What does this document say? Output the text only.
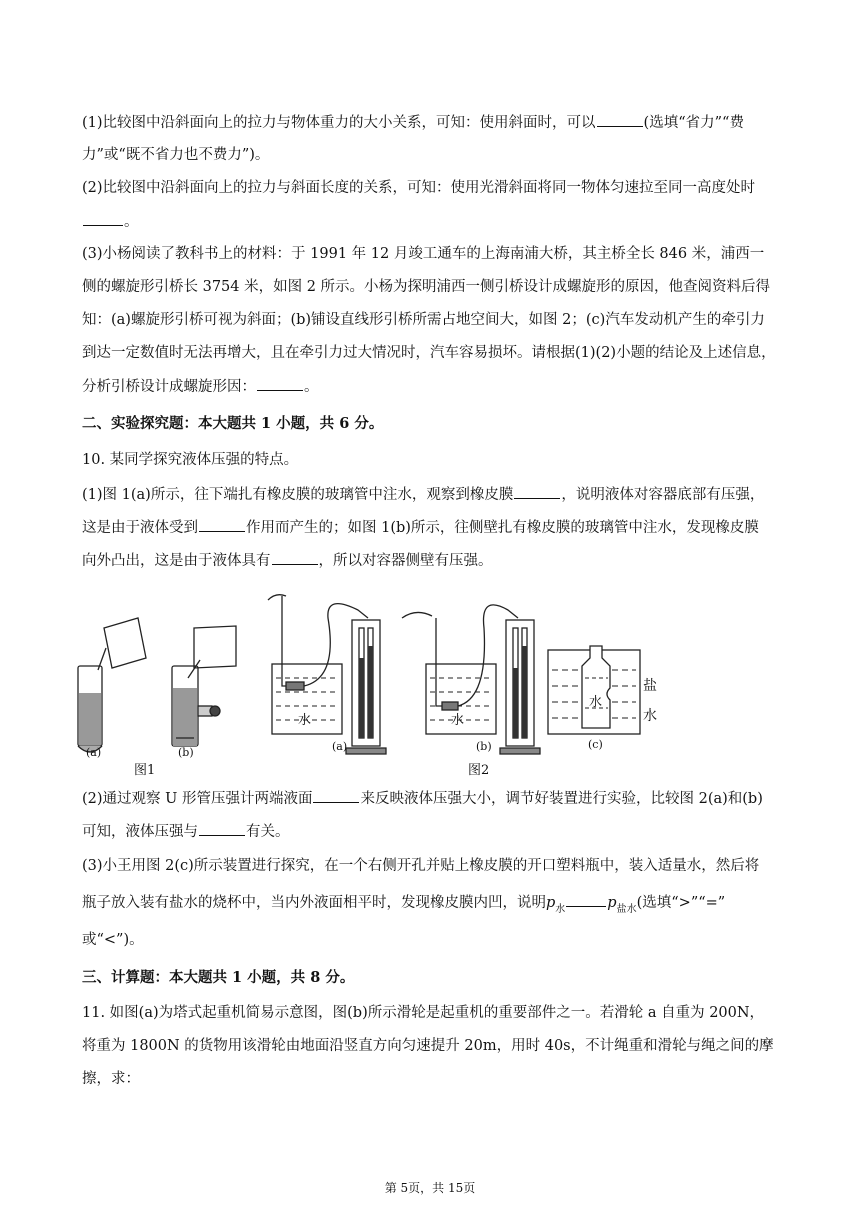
(1)比较图中沿斜面向上的拉力与物体重力的大小关系，可知：使用斜面时，可以	(选填“省力”“费
力”或“既不省力也不费力”)。
(2)比较图中沿斜面向上的拉力与斜面长度的关系，可知：使用光滑斜面将同一物体匀速拉至同一高度处时
。
(3)小杨阅读了教科书上的材料：于 1991 年 12 月竣工通车的上海南浦大桥，其主桥全长 846 米，浦西一
侧的螺旋形引桥长 3754 米，如图 2 所示。小杨为探明浦西一侧引桥设计成螺旋形的原因，他查阅资料后得
知：(a)螺旋形引桥可视为斜面；(b)铺设直线形引桥所需占地空间大，如图 2；(c)汽车发动机产生的牵引力
到达一定数值时无法再增大，且在牵引力过大情况时，汽车容易损坏。请根据(1)(2)小题的结论及上述信息，
分析引桥设计成螺旋形因：	。
二、实验探究题：本大题共 1 小题，共 6 分。
10. 某同学探究液体压强的特点。
(1)图 1(a)所示，往下端扎有橡皮膜的玻璃管中注水，观察到橡皮膜	，说明液体对容器底部有压强，
这是由于液体受到	作用而产生的；如图 1(b)所示，往侧壁扎有橡皮膜的玻璃管中注水，发现橡皮膜
向外凸出，这是由于液体具有	，所以对容器侧壁有压强。
(a)	(b)
图1
水
(a)
水
(b)
图2
水
盐
水
(c)
(2)通过观察 U 形管压强计两端液面	来反映液体压强大小，调节好装置进行实验，比较图 2(a)和(b)
可知，液体压强与	有关。
(3)小王用图 2(c)所示装置进行探究，在一个右侧开孔并贴上橡皮膜的开口塑料瓶中，装入适量水，然后将
瓶子放入装有盐水的烧杯中，当内外液面相平时，发现橡皮膜内凹，说明$p_水$	$p_{盐水}$(选填“>”“=”
或“<”)。
三、计算题：本大题共 1 小题，共 8 分。
11. 如图(a)为塔式起重机简易示意图，图(b)所示滑轮是起重机的重要部件之一。若滑轮 a 自重为 200N，
将重为 1800N 的货物用该滑轮由地面沿竖直方向匀速提升 20m，用时 40s，不计绳重和滑轮与绳之间的摩
擦，求：
第 5页，共 15页
